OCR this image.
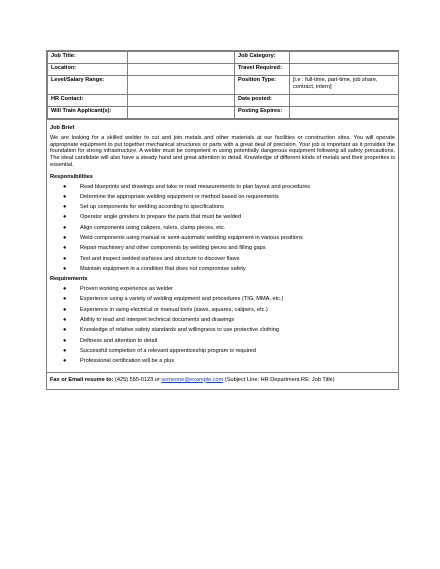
Job Title:		Job Category:	
Location:		Travel Required:	
Level/Salary Range:		Position Type:	[i.e : full-time, part-time, job share, contract, intern]
HR Contact:		Date posted:	
Will Train Applicant(s):		Posting Expires:	
Job Brief
We are looking for a skilled welder to cut and join metals and other materials at our facilities or construction sites. You will operate appropriate equipment to put together mechanical structures or parts with a great deal of precision. Your job is important as it provides the foundation for strong infrastructure. A welder must be competent in using potentially dangerous equipment following all safety precautions. The ideal candidate will also have a steady hand and great attention to detail. Knowledge of different kinds of metals and their properties is essential.
Responsibilities
● Read blueprints and drawings and take or read measurements to plan layout and procedures
● Determine the appropriate welding equipment or method based on requirements
● Set up components for welding according to specifications
● Operator angle grinders to prepare the parts that must be welded
● Align components using calipers, rulers, clamp pieces, etc.
● Weld components using manual or semi-automatic welding equipment in various positions
● Repair machinery and other components by welding pieces and filling gaps
● Test and inspect welded surfaces and structure to discover flaws
● Maintain equipment in a condition that does not compromise safety
Requirements
● Proven working experience as welder
● Experience using a variety of welding equipment and procedures (TIG, MMA, etc.)
● Experience in using electrical or manual tools (saws, squares, calipers, etc.)
● Ability to read and interpret technical documents and drawings
● Knowledge of relative safety standards and willingness to use protective clothing
● Deftness and attention to detail
● Successful completion of a relevant apprenticeship program is required
● Professional certification will be a plus
Fax or Email resume to: (425) 555-0123 or someone@example.com (Subject Line: HR Department RE: Job Title)
